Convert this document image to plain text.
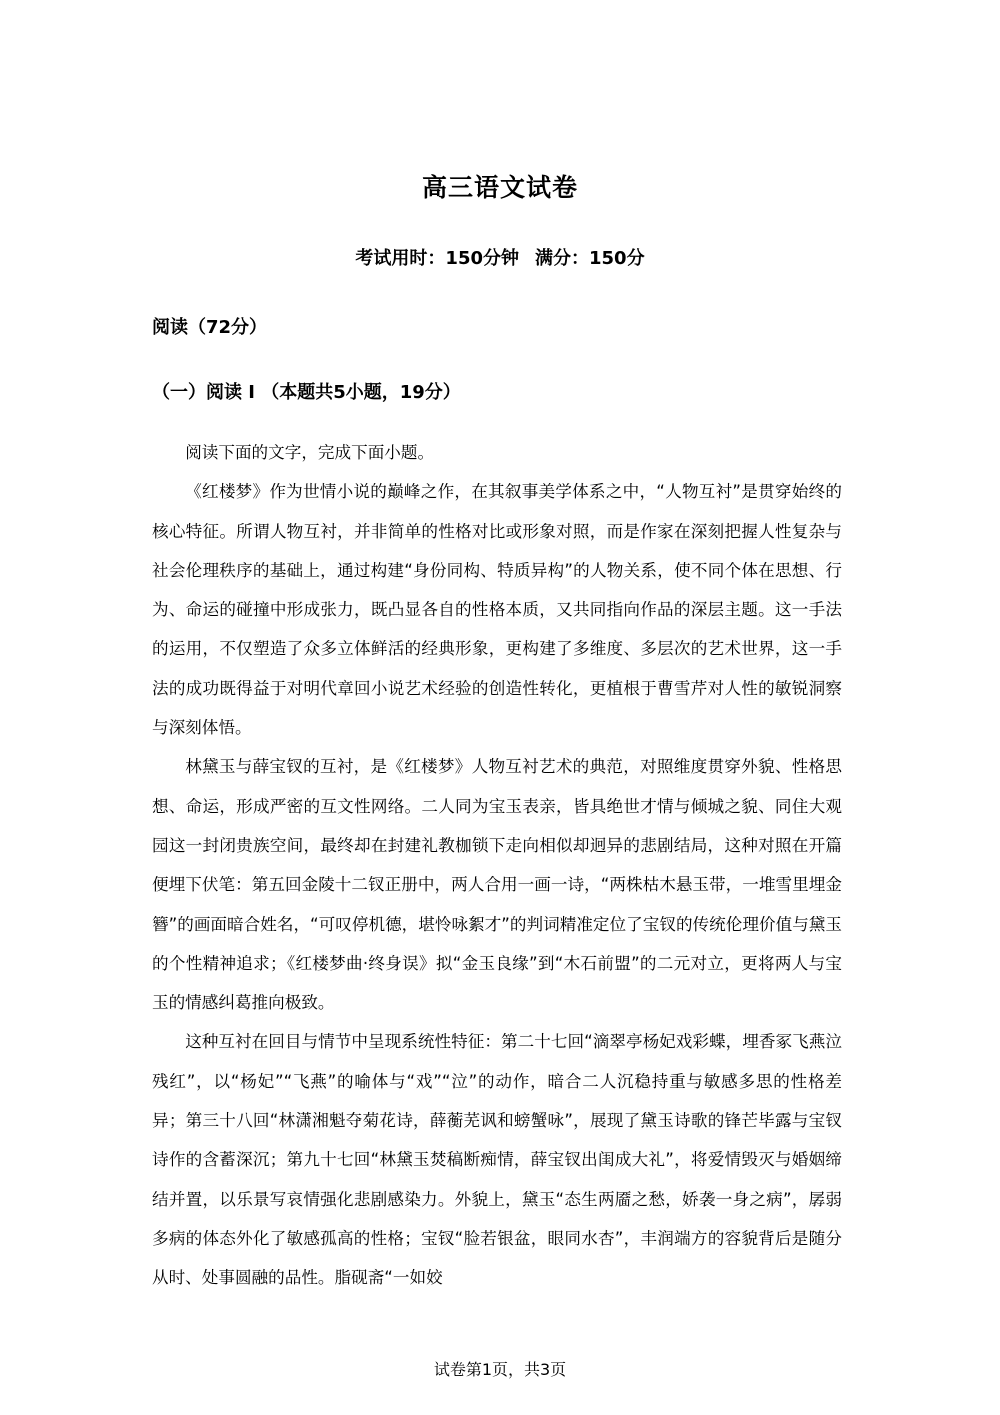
高三语文试卷
考试用时：150分钟 满分：150分
阅读（72分）
（一）阅读 I （本题共5小题，19分）

阅读下面的文字，完成下面小题。

《红楼梦》作为世情小说的巅峰之作，在其叙事美学体系之中，“人物互衬”是贯穿始终的核心特征。所谓人物互衬，并非简单的性格对比或形象对照，而是作家在深刻把握人性复杂与社会伦理秩序的基础上，通过构建“身份同构、特质异构”的人物关系，使不同个体在思想、行为、命运的碰撞中形成张力，既凸显各自的性格本质，又共同指向作品的深层主题。这一手法的运用，不仅塑造了众多立体鲜活的经典形象，更构建了多维度、多层次的艺术世界，这一手法的成功既得益于对明代章回小说艺术经验的创造性转化，更植根于曹雪芹对人性的敏锐洞察与深刻体悟。

林黛玉与薛宝钗的互衬，是《红楼梦》人物互衬艺术的典范，对照维度贯穿外貌、性格思想、命运，形成严密的互文性网络。二人同为宝玉表亲，皆具绝世才情与倾城之貌、同住大观园这一封闭贵族空间，最终却在封建礼教枷锁下走向相似却迥异的悲剧结局，这种对照在开篇便埋下伏笔：第五回金陵十二钗正册中，两人合用一画一诗，“两株枯木悬玉带，一堆雪里埋金簪”的画面暗合姓名，“可叹停机德，堪怜咏絮才”的判词精准定位了宝钗的传统伦理价值与黛玉的个性精神追求；《红楼梦曲·终身误》拟“金玉良缘”到“木石前盟”的二元对立，更将两人与宝玉的情感纠葛推向极致。

这种互衬在回目与情节中呈现系统性特征：第二十七回“滴翠亭杨妃戏彩蝶，埋香冢飞燕泣残红”，以“杨妃”“飞燕”的喻体与“戏”“泣”的动作，暗合二人沉稳持重与敏感多思的性格差异；第三十八回“林潇湘魁夺菊花诗，薛蘅芜讽和螃蟹咏”，展现了黛玉诗歌的锋芒毕露与宝钗诗作的含蓄深沉；第九十七回“林黛玉焚稿断痴情，薛宝钗出闺成大礼”，将爱情毁灭与婚姻缔结并置，以乐景写哀情强化悲剧感染力。外貌上，黛玉“态生两靥之愁，娇袭一身之病”，孱弱多病的体态外化了敏感孤高的性格；宝钗“脸若银盆，眼同水杏”，丰润端方的容貌背后是随分从时、处事圆融的品性。脂砚斋“一如姣

试卷第1页，共3页
